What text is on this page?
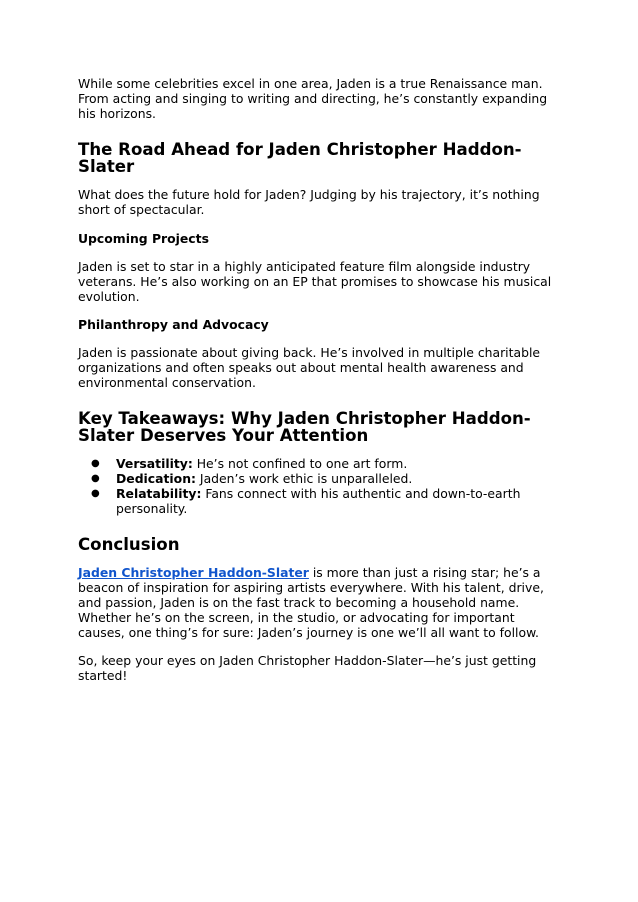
While some celebrities excel in one area, Jaden is a true Renaissance man. From acting and singing to writing and directing, he’s constantly expanding his horizons.

The Road Ahead for Jaden Christopher Haddon-Slater

What does the future hold for Jaden? Judging by his trajectory, it’s nothing short of spectacular.

Upcoming Projects

Jaden is set to star in a highly anticipated feature film alongside industry veterans. He’s also working on an EP that promises to showcase his musical evolution.

Philanthropy and Advocacy

Jaden is passionate about giving back. He’s involved in multiple charitable organizations and often speaks out about mental health awareness and environmental conservation.

Key Takeaways: Why Jaden Christopher Haddon-Slater Deserves Your Attention
● Versatility: He’s not confined to one art form.
● Dedication: Jaden’s work ethic is unparalleled.
● Relatability: Fans connect with his authentic and down-to-earth personality.
Conclusion

Jaden Christopher Haddon-Slater is more than just a rising star; he’s a beacon of inspiration for aspiring artists everywhere. With his talent, drive, and passion, Jaden is on the fast track to becoming a household name. Whether he’s on the screen, in the studio, or advocating for important causes, one thing’s for sure: Jaden’s journey is one we’ll all want to follow.

So, keep your eyes on Jaden Christopher Haddon-Slater—he’s just getting started!
